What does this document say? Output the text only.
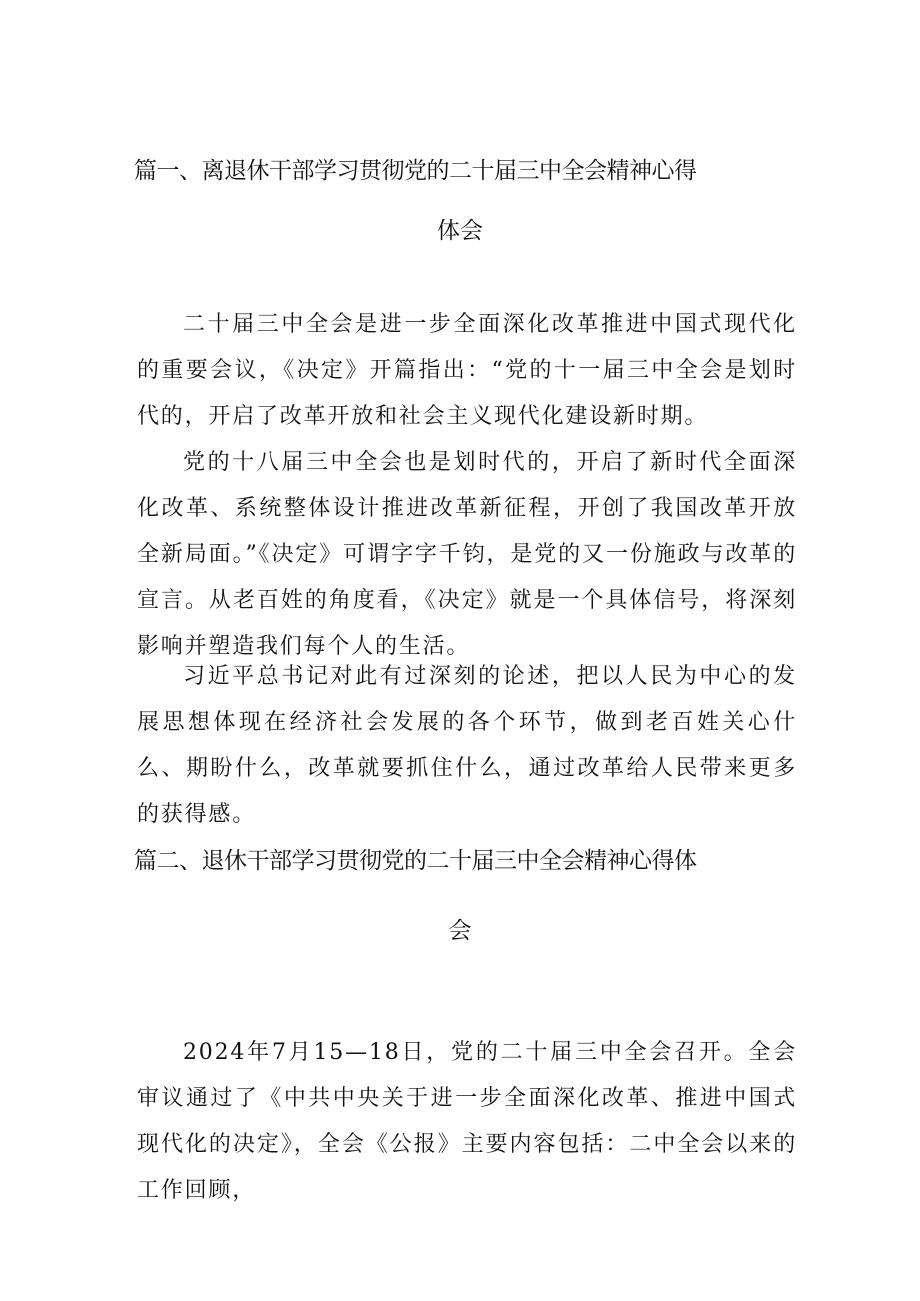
篇一、离退休干部学习贯彻党的二十届三中全会精神心得
体会

二十届三中全会是进一步全面深化改革推进中国式现代化的重要会议，《决定》开篇指出：“党的十一届三中全会是划时代的，开启了改革开放和社会主义现代化建设新时期。

党的十八届三中全会也是划时代的，开启了新时代全面深化改革、系统整体设计推进改革新征程，开创了我国改革开放全新局面。”《决定》可谓字字千钧，是党的又一份施政与改革的宣言。从老百姓的角度看，《决定》就是一个具体信号，将深刻影响并塑造我们每个人的生活。

习近平总书记对此有过深刻的论述，把以人民为中心的发展思想体现在经济社会发展的各个环节，做到老百姓关心什么、期盼什么，改革就要抓住什么，通过改革给人民带来更多的获得感。

篇二、退休干部学习贯彻党的二十届三中全会精神心得体
会

2024年7月15—18日，党的二十届三中全会召开。全会审议通过了《中共中央关于进一步全面深化改革、推进中国式现代化的决定》，全会《公报》主要内容包括：二中全会以来的工作回顾，
